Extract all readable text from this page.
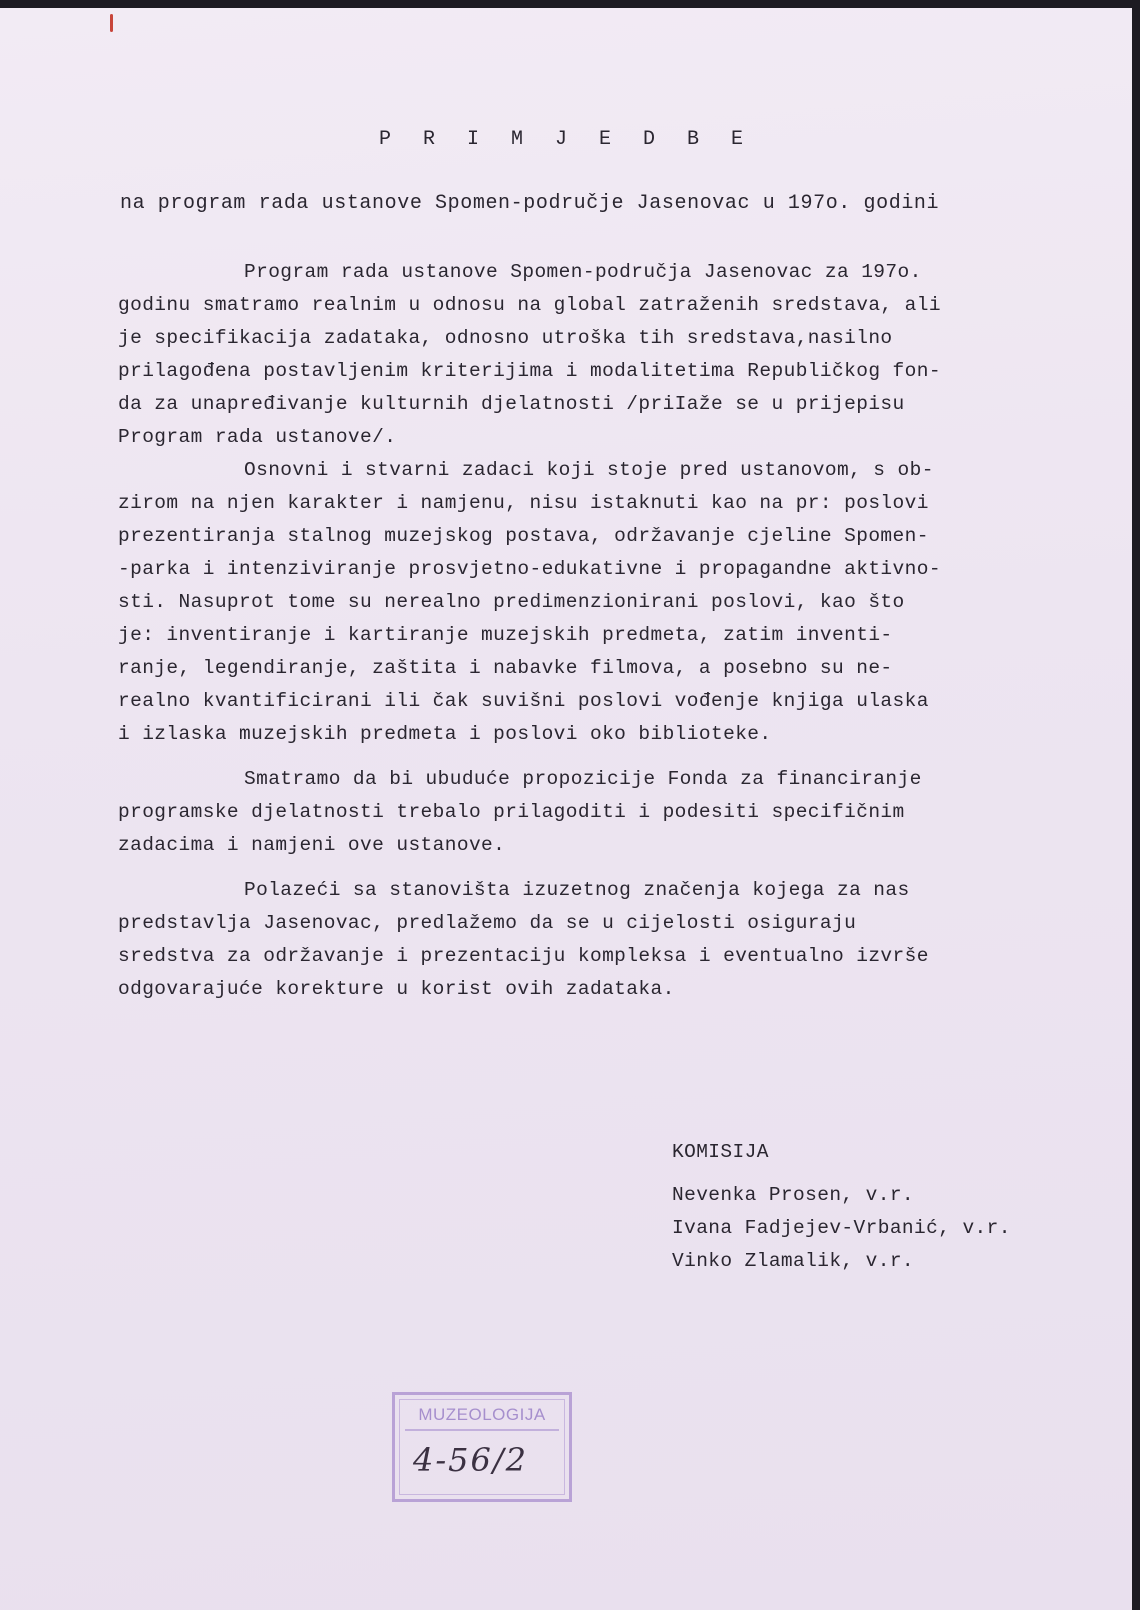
P R I M J E D B E
na program rada ustanove Spomen-područje Jasenovac u 197o. godini

Program rada ustanove Spomen-područja Jasenovac za 197o.

godinu smatramo realnim u odnosu na global zatraženih sredstava, ali

je specifikacija zadataka, odnosno utroška tih sredstava,nasilno

prilagođena postavljenim kriterijima i modalitetima Republičkog fon-

da za unapređivanje kulturnih djelatnosti /priIaže se u prijepisu

Program rada ustanove/.

Osnovni i stvarni zadaci koji stoje pred ustanovom, s ob-

zirom na njen karakter i namjenu, nisu istaknuti kao na pr: poslovi

prezentiranja stalnog muzejskog postava, održavanje cjeline Spomen-

-parka i intenziviranje prosvjetno-edukativne i propagandne aktivno-

sti. Nasuprot tome su nerealno predimenzionirani poslovi, kao što

je: inventiranje i kartiranje muzejskih predmeta, zatim inventi-

ranje, legendiranje, zaštita i nabavke filmova, a posebno su ne-

realno kvantificirani ili čak suvišni poslovi vođenje knjiga ulaska

i izlaska muzejskih predmeta i poslovi oko biblioteke.

Smatramo da bi ubuduće propozicije Fonda za financiranje

programske djelatnosti trebalo prilagoditi i podesiti specifičnim

zadacima i namjeni ove ustanove.

Polazeći sa stanovišta izuzetnog značenja kojega za nas

predstavlja Jasenovac, predlažemo da se u cijelosti osiguraju

sredstva za održavanje i prezentaciju kompleksa i eventualno izvrše

odgovarajuće korekture u korist ovih zadataka.

KOMISIJA
Nevenka Prosen, v.r.
Ivana Fadjejev-Vrbanić, v.r.
Vinko Zlamalik, v.r.
MUZEOLOGIJA
4-56/2
